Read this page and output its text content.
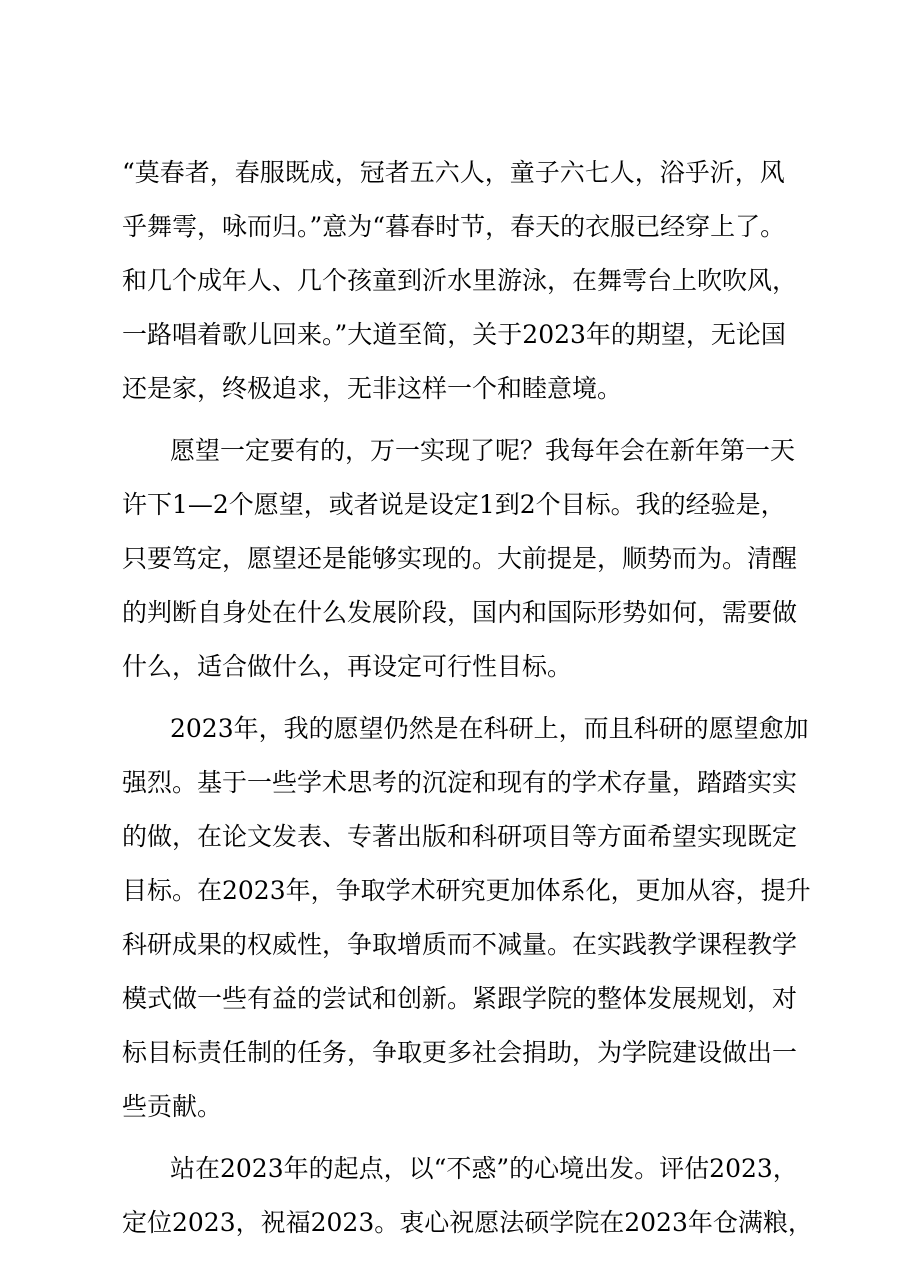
“莫春者，春服既成，冠者五六人，童子六七人，浴乎沂，风
乎舞雩，咏而归。”意为“暮春时节，春天的衣服已经穿上了。
和几个成年人、几个孩童到沂水里游泳，在舞雩台上吹吹风，
一路唱着歌儿回来。”大道至简，关于2023年的期望，无论国
还是家，终极追求，无非这样一个和睦意境。
愿望一定要有的，万一实现了呢？我每年会在新年第一天
许下1—2个愿望，或者说是设定1到2个目标。我的经验是，
只要笃定，愿望还是能够实现的。大前提是，顺势而为。清醒
的判断自身处在什么发展阶段，国内和国际形势如何，需要做
什么，适合做什么，再设定可行性目标。
2023年，我的愿望仍然是在科研上，而且科研的愿望愈加
强烈。基于一些学术思考的沉淀和现有的学术存量，踏踏实实
的做，在论文发表、专著出版和科研项目等方面希望实现既定
目标。在2023年，争取学术研究更加体系化，更加从容，提升
科研成果的权威性，争取增质而不减量。在实践教学课程教学
模式做一些有益的尝试和创新。紧跟学院的整体发展规划，对
标目标责任制的任务，争取更多社会捐助，为学院建设做出一
些贡献。
站在2023年的起点，以“不惑”的心境出发。评估2023，
定位2023，祝福2023。衷心祝愿法硕学院在2023年仓满粮，
